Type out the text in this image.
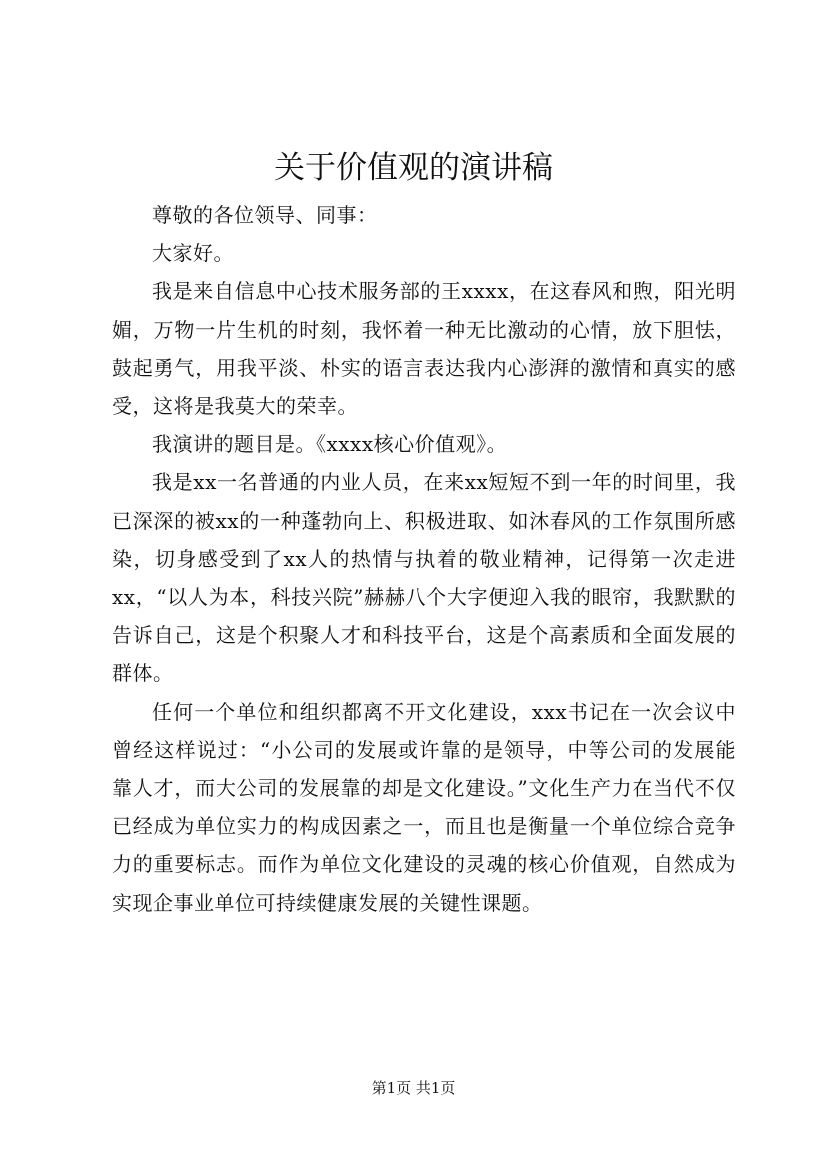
关于价值观的演讲稿

尊敬的各位领导、同事：

大家好。

我是来自信息中心技术服务部的王xxxx，在这春风和煦，阳光明媚，万物一片生机的时刻，我怀着一种无比激动的心情，放下胆怯，鼓起勇气，用我平淡、朴实的语言表达我内心澎湃的激情和真实的感受，这将是我莫大的荣幸。

我演讲的题目是。《xxxx核心价值观》。

我是xx一名普通的内业人员，在来xx短短不到一年的时间里，我已深深的被xx的一种蓬勃向上、积极进取、如沐春风的工作氛围所感染，切身感受到了xx人的热情与执着的敬业精神，记得第一次走进xx，“以人为本，科技兴院”赫赫八个大字便迎入我的眼帘，我默默的告诉自己，这是个积聚人才和科技平台，这是个高素质和全面发展的群体。

任何一个单位和组织都离不开文化建设，xxx书记在一次会议中曾经这样说过：“小公司的发展或许靠的是领导，中等公司的发展能靠人才，而大公司的发展靠的却是文化建设。”文化生产力在当代不仅已经成为单位实力的构成因素之一，而且也是衡量一个单位综合竞争力的重要标志。而作为单位文化建设的灵魂的核心价值观，自然成为实现企事业单位可持续健康发展的关键性课题。

第1页 共1页
